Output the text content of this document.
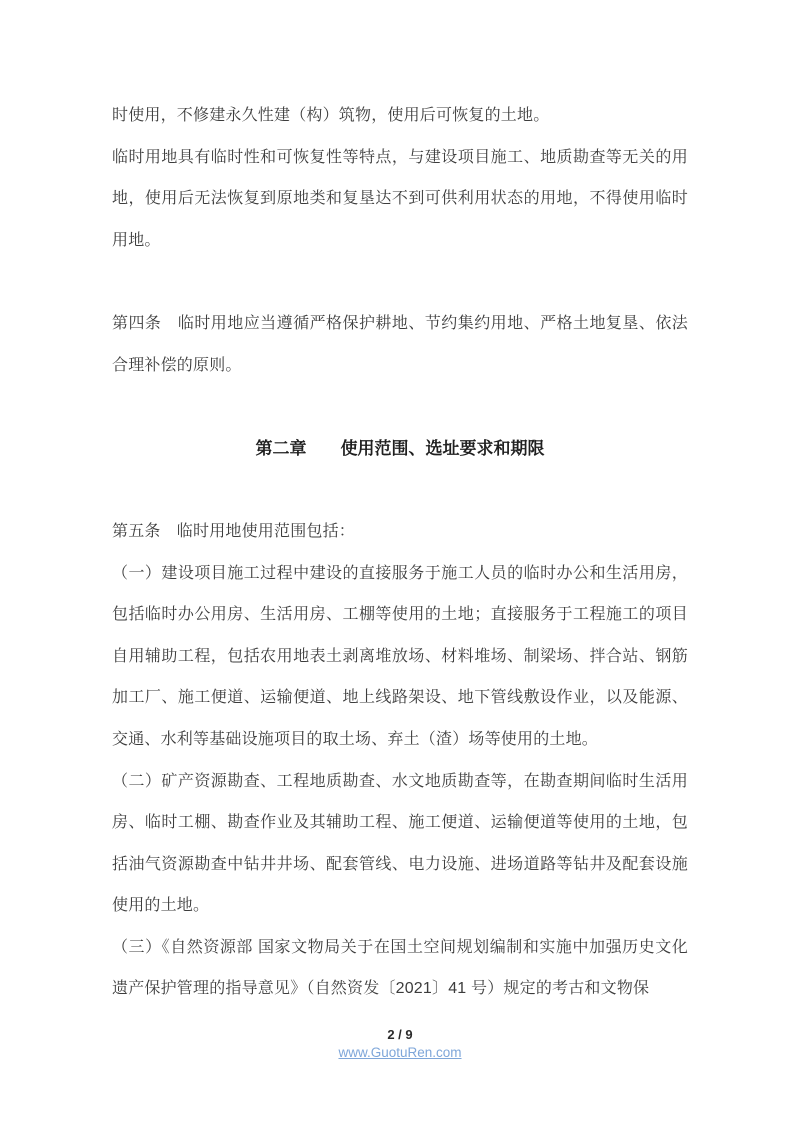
时使用，不修建永久性建（构）筑物，使用后可恢复的土地。

临时用地具有临时性和可恢复性等特点，与建设项目施工、地质勘查等无关的用地，使用后无法恢复到原地类和复垦达不到可供利用状态的用地，不得使用临时用地。

第四条　临时用地应当遵循严格保护耕地、节约集约用地、严格土地复垦、依法合理补偿的原则。

第二章　　使用范围、选址要求和期限

第五条　临时用地使用范围包括：

（一）建设项目施工过程中建设的直接服务于施工人员的临时办公和生活用房，包括临时办公用房、生活用房、工棚等使用的土地；直接服务于工程施工的项目自用辅助工程，包括农用地表土剥离堆放场、材料堆场、制梁场、拌合站、钢筋加工厂、施工便道、运输便道、地上线路架设、地下管线敷设作业，以及能源、交通、水利等基础设施项目的取土场、弃土（渣）场等使用的土地。

（二）矿产资源勘查、工程地质勘查、水文地质勘查等，在勘查期间临时生活用房、临时工棚、勘查作业及其辅助工程、施工便道、运输便道等使用的土地，包括油气资源勘查中钻井井场、配套管线、电力设施、进场道路等钻井及配套设施使用的土地。

（三）《自然资源部 国家文物局关于在国土空间规划编制和实施中加强历史文化遗产保护管理的指导意见》（自然资发〔2021〕41 号）规定的考古和文物保

2 / 9
www.GuotuRen.com
